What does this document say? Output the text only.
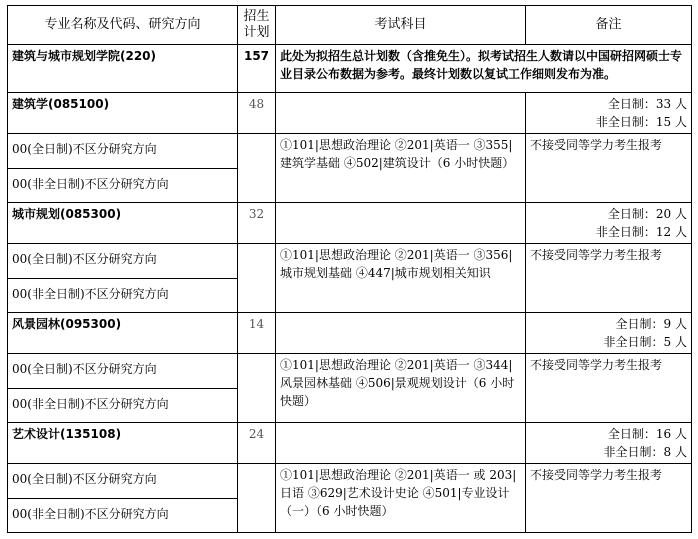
专业名称及代码、研究方向	招生计划	考试科目	备注
建筑与城市规划学院(220)	157	此处为拟招生总计划数（含推免生）。拟考试招生人数请以中国研招网硕士专业目录公布数据为参考。最终计划数以复试工作细则发布为准。	
建筑学(085100)	48		全日制：33 人
非全日制：15 人

00(全日制)不区分研究方向		①101|思想政治理论 ②201|英语一 ③355|建筑学基础 ④502|建筑设计（6 小时快题）	不接受同等学力考生报考
00(非全日制)不区分研究方向			
城市规划(085300)	32		全日制：20 人
非全日制：12 人

00(全日制)不区分研究方向		①101|思想政治理论 ②201|英语一 ③356|城市规划基础 ④447|城市规划相关知识	不接受同等学力考生报考
00(非全日制)不区分研究方向			
风景园林(095300)	14		全日制：9 人
非全日制：5 人

00(全日制)不区分研究方向		①101|思想政治理论 ②201|英语一 ③344|风景园林基础 ④506|景观规划设计（6 小时快题）	不接受同等学力考生报考
00(非全日制)不区分研究方向			
艺术设计(135108)	24		全日制：16 人
非全日制：8 人

00(全日制)不区分研究方向		①101|思想政治理论 ②201|英语一 或 203|日语 ③629|艺术设计史论 ④501|专业设计（一）（6 小时快题）	不接受同等学力考生报考
00(非全日制)不区分研究方向			
